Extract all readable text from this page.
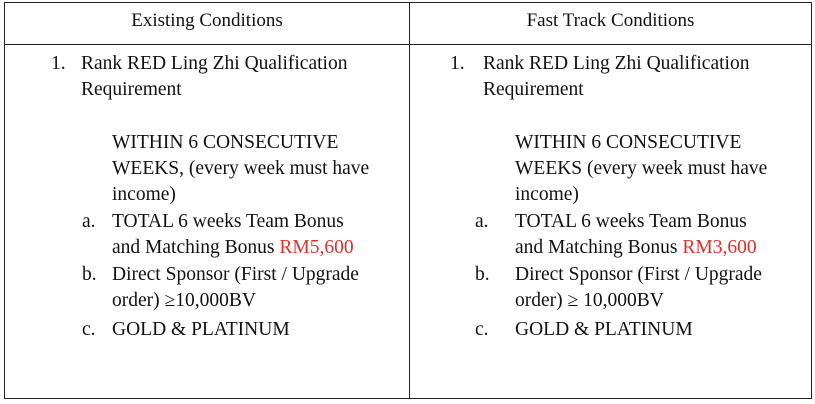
Existing Conditions	Fast Track Conditions
1. Rank RED Ling Zhi Qualification
Requirement
WITHIN 6 CONSECUTIVE
WEEKS, (every week must have
income)
a. TOTAL 6 weeks Team Bonus
and Matching Bonus RM5,600
b. Direct Sponsor (First / Upgrade
order) ≥10,000BV
c. GOLD & PLATINUM
1. Rank RED Ling Zhi Qualification
Requirement
WITHIN 6 CONSECUTIVE
WEEKS (every week must have
income)
a. TOTAL 6 weeks Team Bonus
and Matching Bonus RM3,600
b. Direct Sponsor (First / Upgrade
order) ≥ 10,000BV
c. GOLD & PLATINUM
